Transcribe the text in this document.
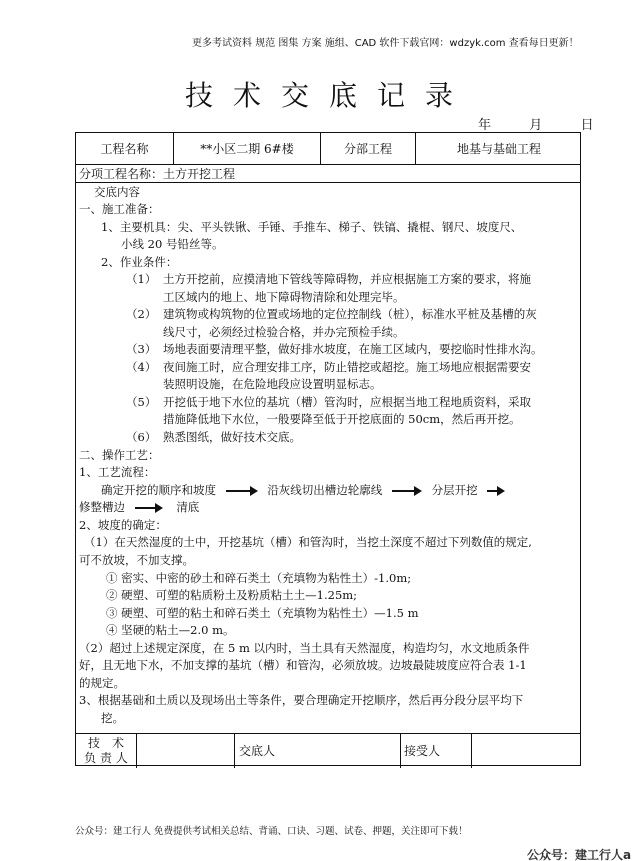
更多考试资料 规范 图集 方案 施组、CAD 软件下载官网：wdzyk.com 查看每日更新！
技术交底记录
年	月	日
工程名称	**小区二期 6#楼	分部工程	地基与基础工程
分项工程名称：土方开挖工程
交底内容
一、施工准备：
1、主要机具：尖、平头铁锹、手锤、手推车、梯子、铁镐、撬棍、钢尺、坡度尺、
小线 20 号铅丝等。
2、作业条件：
（1） 土方开挖前，应摸清地下管线等障碍物，并应根据施工方案的要求，将施
工区域内的地上、地下障碍物清除和处理完毕。
（2） 建筑物或构筑物的位置或场地的定位控制线（桩），标准水平桩及基槽的灰
线尺寸，必须经过检验合格，并办完预检手续。
（3） 场地表面要清理平整，做好排水坡度，在施工区域内，要挖临时性排水沟。
（4） 夜间施工时，应合理安排工序，防止错挖或超挖。施工场地应根据需要安
装照明设施，在危险地段应设置明显标志。
（5） 开挖低于地下水位的基坑（槽）管沟时，应根据当地工程地质资料，采取
措施降低地下水位，一般要降至低于开挖底面的 50cm，然后再开挖。
（6） 熟悉图纸，做好技术交底。
二、操作工艺：
1、工艺流程：
确定开挖的顺序和坡度	沿灰线切出槽边轮廓线	分层开挖
修整槽边	清底
2、坡度的确定：
（1）在天然湿度的土中，开挖基坑（槽）和管沟时，当挖土深度不超过下列数值的规定,
可不放坡，不加支撑。
① 密实、中密的砂土和碎石类土（充填物为粘性土）-1.0m;
② 硬塑、可塑的粘质粉土及粉质粘土土—1.25m;
③ 硬塑、可塑的粘土和碎石类土（充填物为粘性土）—1.5 m
④ 坚硬的粘土—2.0 m。
（2）超过上述规定深度，在 5 m 以内时，当土具有天然湿度，构造均匀，水文地质条件
好，且无地下水，不加支撑的基坑（槽）和管沟，必须放坡。边坡最陡坡度应符合表 1-1
的规定。
3、根据基础和土质以及现场出土等条件，要合理确定开挖顺序，然后再分段分层平均下
挖。
技　术
负 责 人	交底人	接受人
公众号：建工行人 免费提供考试相关总结、背诵、口诀、习题、试卷、押题，关注即可下载！
公众号：建工行人a
